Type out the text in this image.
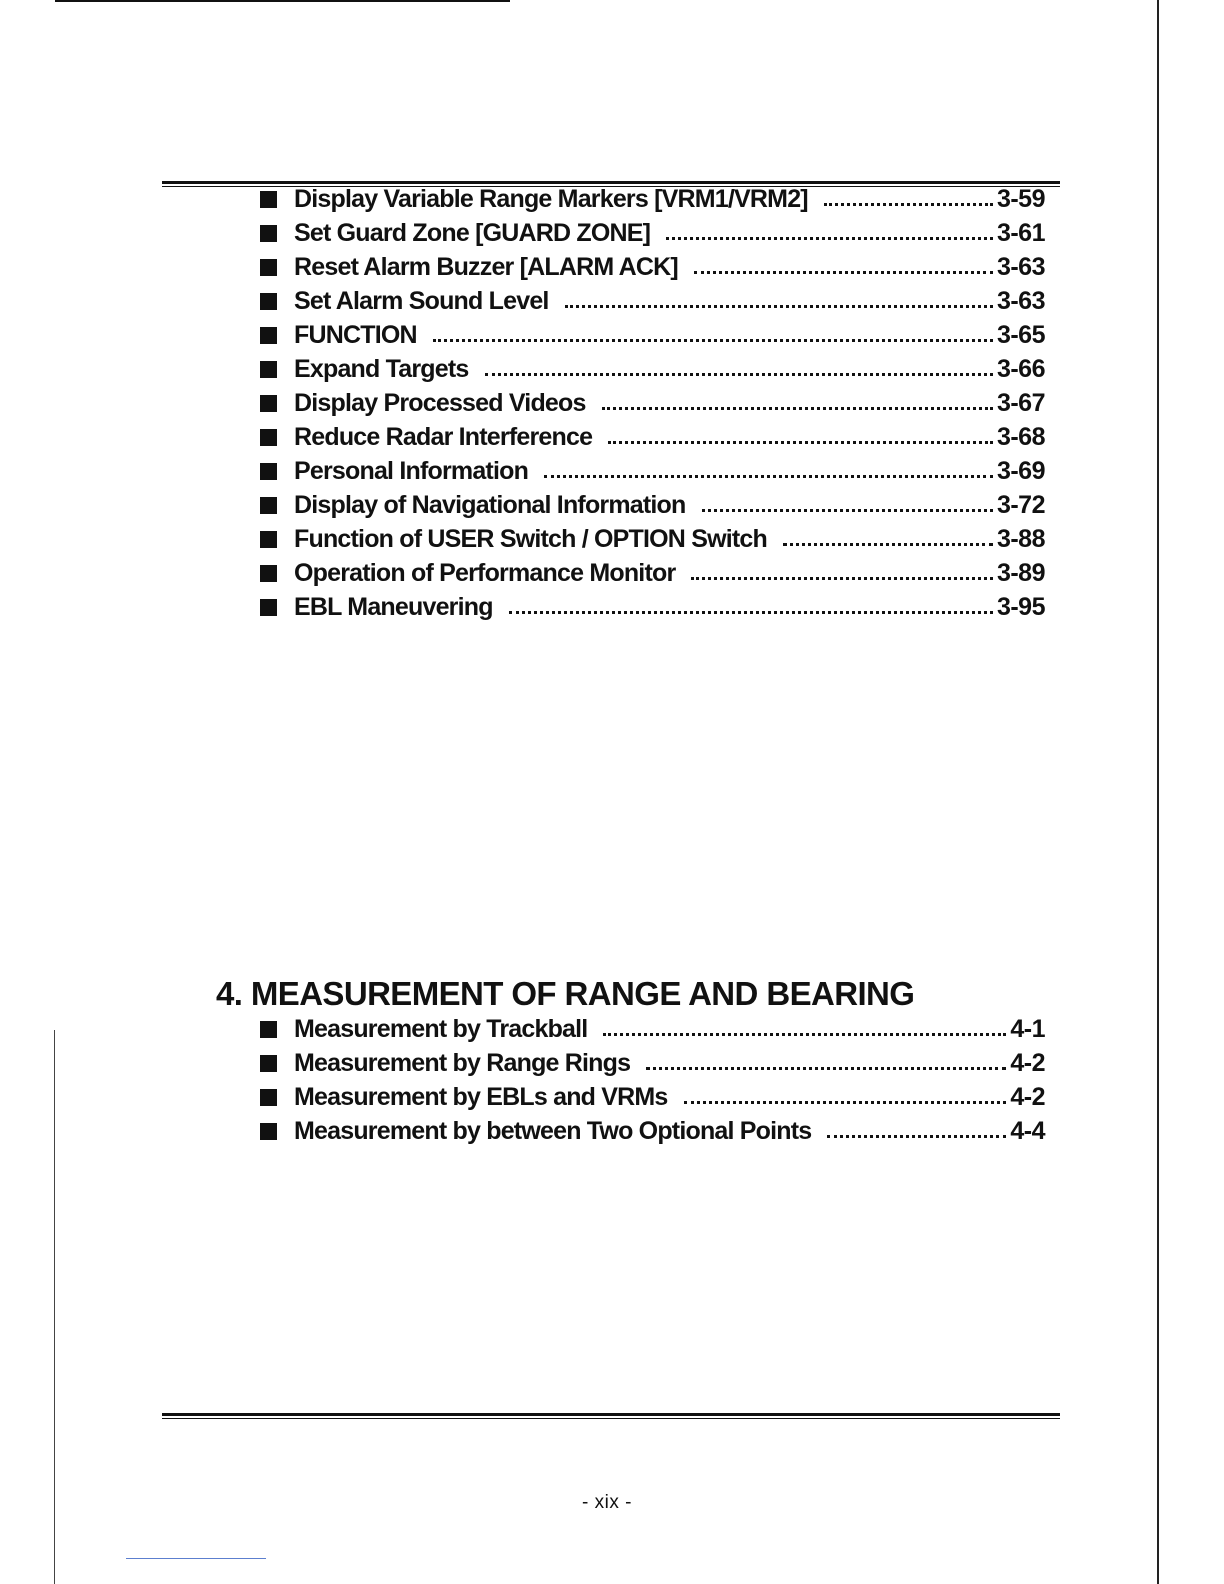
Display Variable Range Markers [VRM1/VRM2]	3-59
Set Guard Zone [GUARD ZONE]	3-61
Reset Alarm Buzzer [ALARM ACK]	3-63
Set Alarm Sound Level	3-63
FUNCTION	3-65
Expand Targets	3-66
Display Processed Videos	3-67
Reduce Radar Interference	3-68
Personal Information	3-69
Display of Navigational Information	3-72
Function of USER Switch / OPTION Switch	3-88
Operation of Performance Monitor	3-89
EBL Maneuvering	3-95
4. MEASUREMENT OF RANGE AND BEARING
Measurement by Trackball	4-1
Measurement by Range Rings	4-2
Measurement by EBLs and VRMs	4-2
Measurement by between Two Optional Points	4-4
- xix -
